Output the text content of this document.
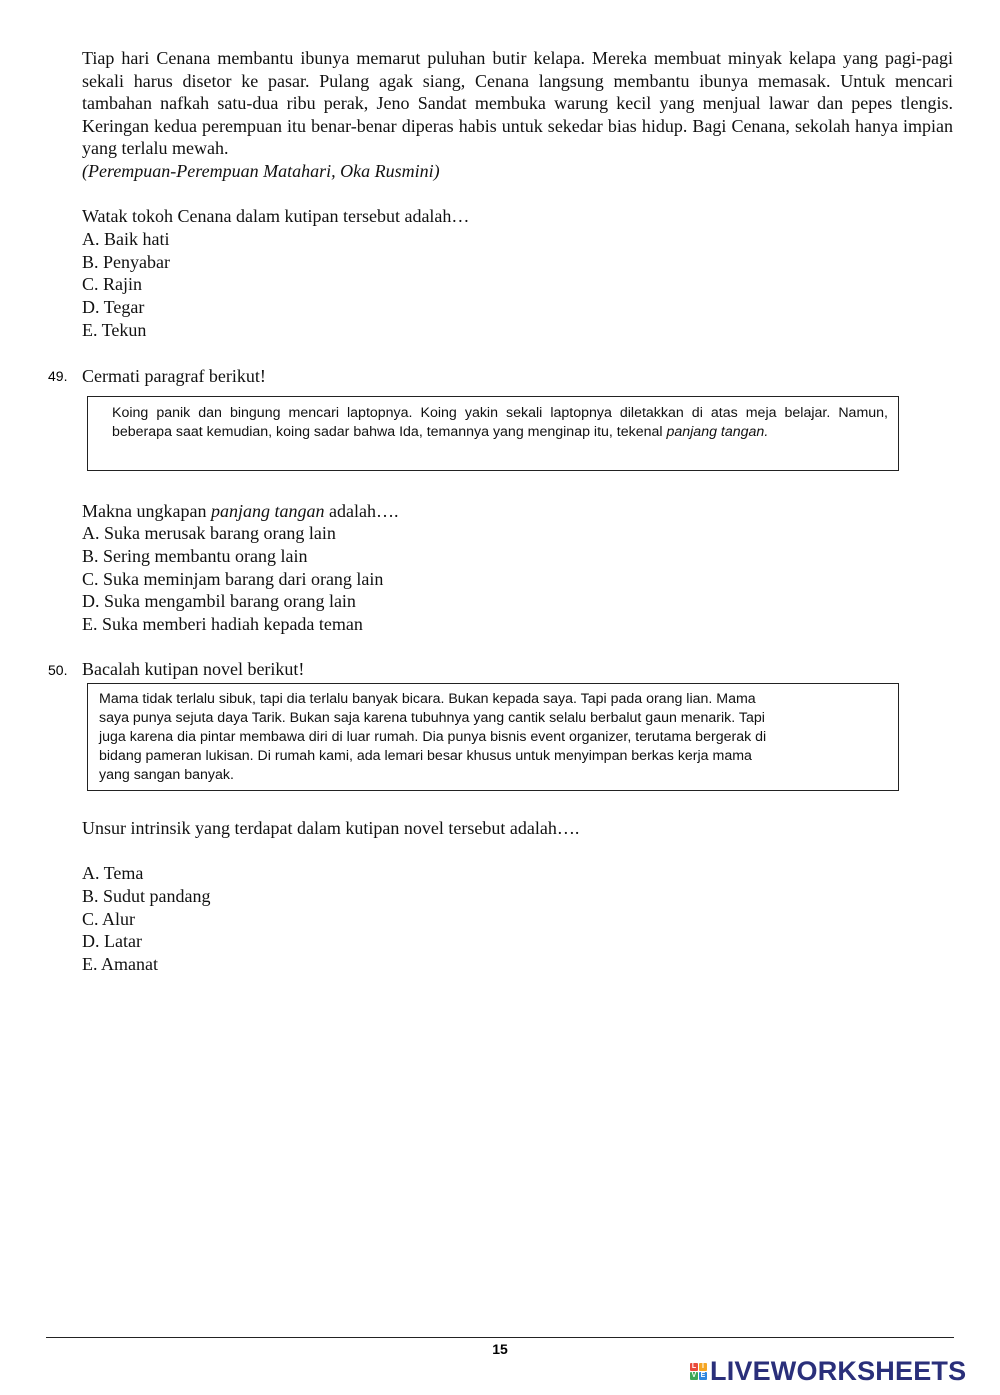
Tiap hari Cenana membantu ibunya memarut puluhan butir kelapa. Mereka membuat minyak kelapa yang pagi-pagi sekali harus disetor ke pasar. Pulang agak siang, Cenana langsung membantu ibunya memasak. Untuk mencari tambahan nafkah satu-dua ribu perak, Jeno Sandat membuka warung kecil yang menjual lawar dan pepes tlengis. Keringan kedua perempuan itu benar-benar diperas habis untuk sekedar bias hidup. Bagi Cenana, sekolah hanya impian yang terlalu mewah.
(Perempuan-Perempuan Matahari, Oka Rusmini)
Watak tokoh Cenana dalam kutipan tersebut adalah…
A. Baik hati
B. Penyabar
C. Rajin
D. Tegar
E. Tekun
49. Cermati paragraf berikut!
Koing panik dan bingung mencari laptopnya. Koing yakin sekali laptopnya diletakkan di atas meja belajar. Namun, beberapa saat kemudian, koing sadar bahwa Ida, temannya yang menginap itu, tekenal panjang tangan.
Makna ungkapan panjang tangan adalah….
A. Suka merusak barang orang lain
B. Sering membantu orang lain
C. Suka meminjam barang dari orang lain
D. Suka mengambil barang orang lain
E. Suka memberi hadiah kepada teman
50. Bacalah kutipan novel berikut!
Mama tidak terlalu sibuk, tapi dia terlalu banyak bicara. Bukan kepada saya. Tapi pada orang lian. Mama
saya punya sejuta daya Tarik. Bukan saja karena tubuhnya yang cantik selalu berbalut gaun menarik. Tapi
juga karena dia pintar membawa diri di luar rumah. Dia punya bisnis event organizer, terutama bergerak di
bidang pameran lukisan. Di rumah kami, ada lemari besar khusus untuk menyimpan berkas kerja mama
yang sangan banyak.
Unsur intrinsik yang terdapat dalam kutipan novel tersebut adalah….
A. Tema
B. Sudut pandang
C. Alur
D. Latar
E. Amanat
15
L I
V E LIVEWORKSHEETS
